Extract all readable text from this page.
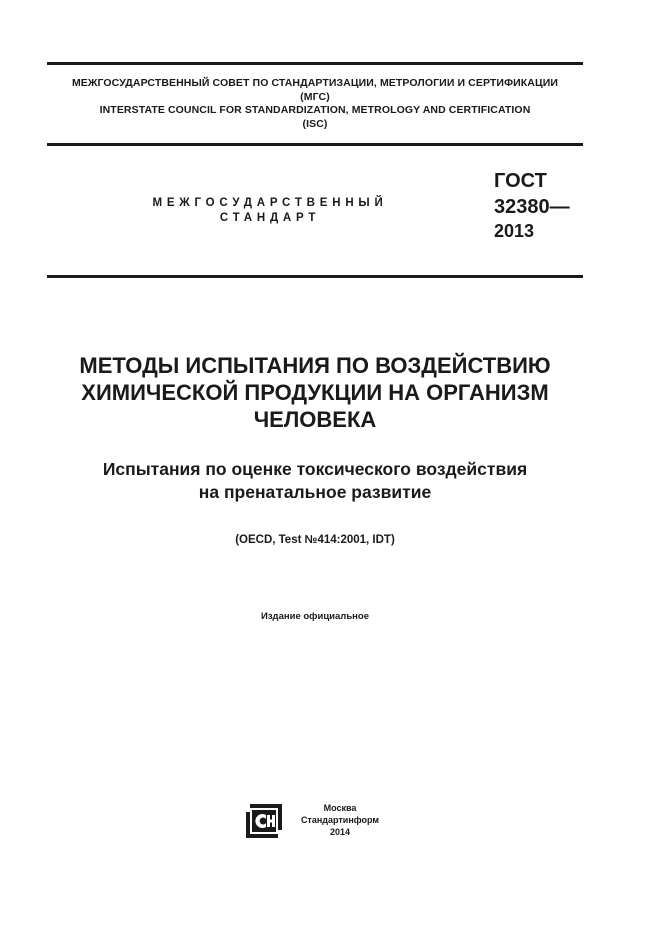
МЕЖГОСУДАРСТВЕННЫЙ СОВЕТ ПО СТАНДАРТИЗАЦИИ, МЕТРОЛОГИИ И СЕРТИФИКАЦИИ
(МГС)
INTERSTATE COUNCIL FOR STANDARDIZATION, METROLOGY AND CERTIFICATION
(ISC)
МЕЖГОСУДАРСТВЕННЫЙ
СТАНДАРТ
ГОСТ
32380—
2013
МЕТОДЫ ИСПЫТАНИЯ ПО ВОЗДЕЙСТВИЮ
ХИМИЧЕСКОЙ ПРОДУКЦИИ НА ОРГАНИЗМ
ЧЕЛОВЕКА
Испытания по оценке токсического воздействия
на пренатальное развитие
(OECD, Test №414:2001, IDT)
Издание официальное
Москва
Стандартинформ
2014
